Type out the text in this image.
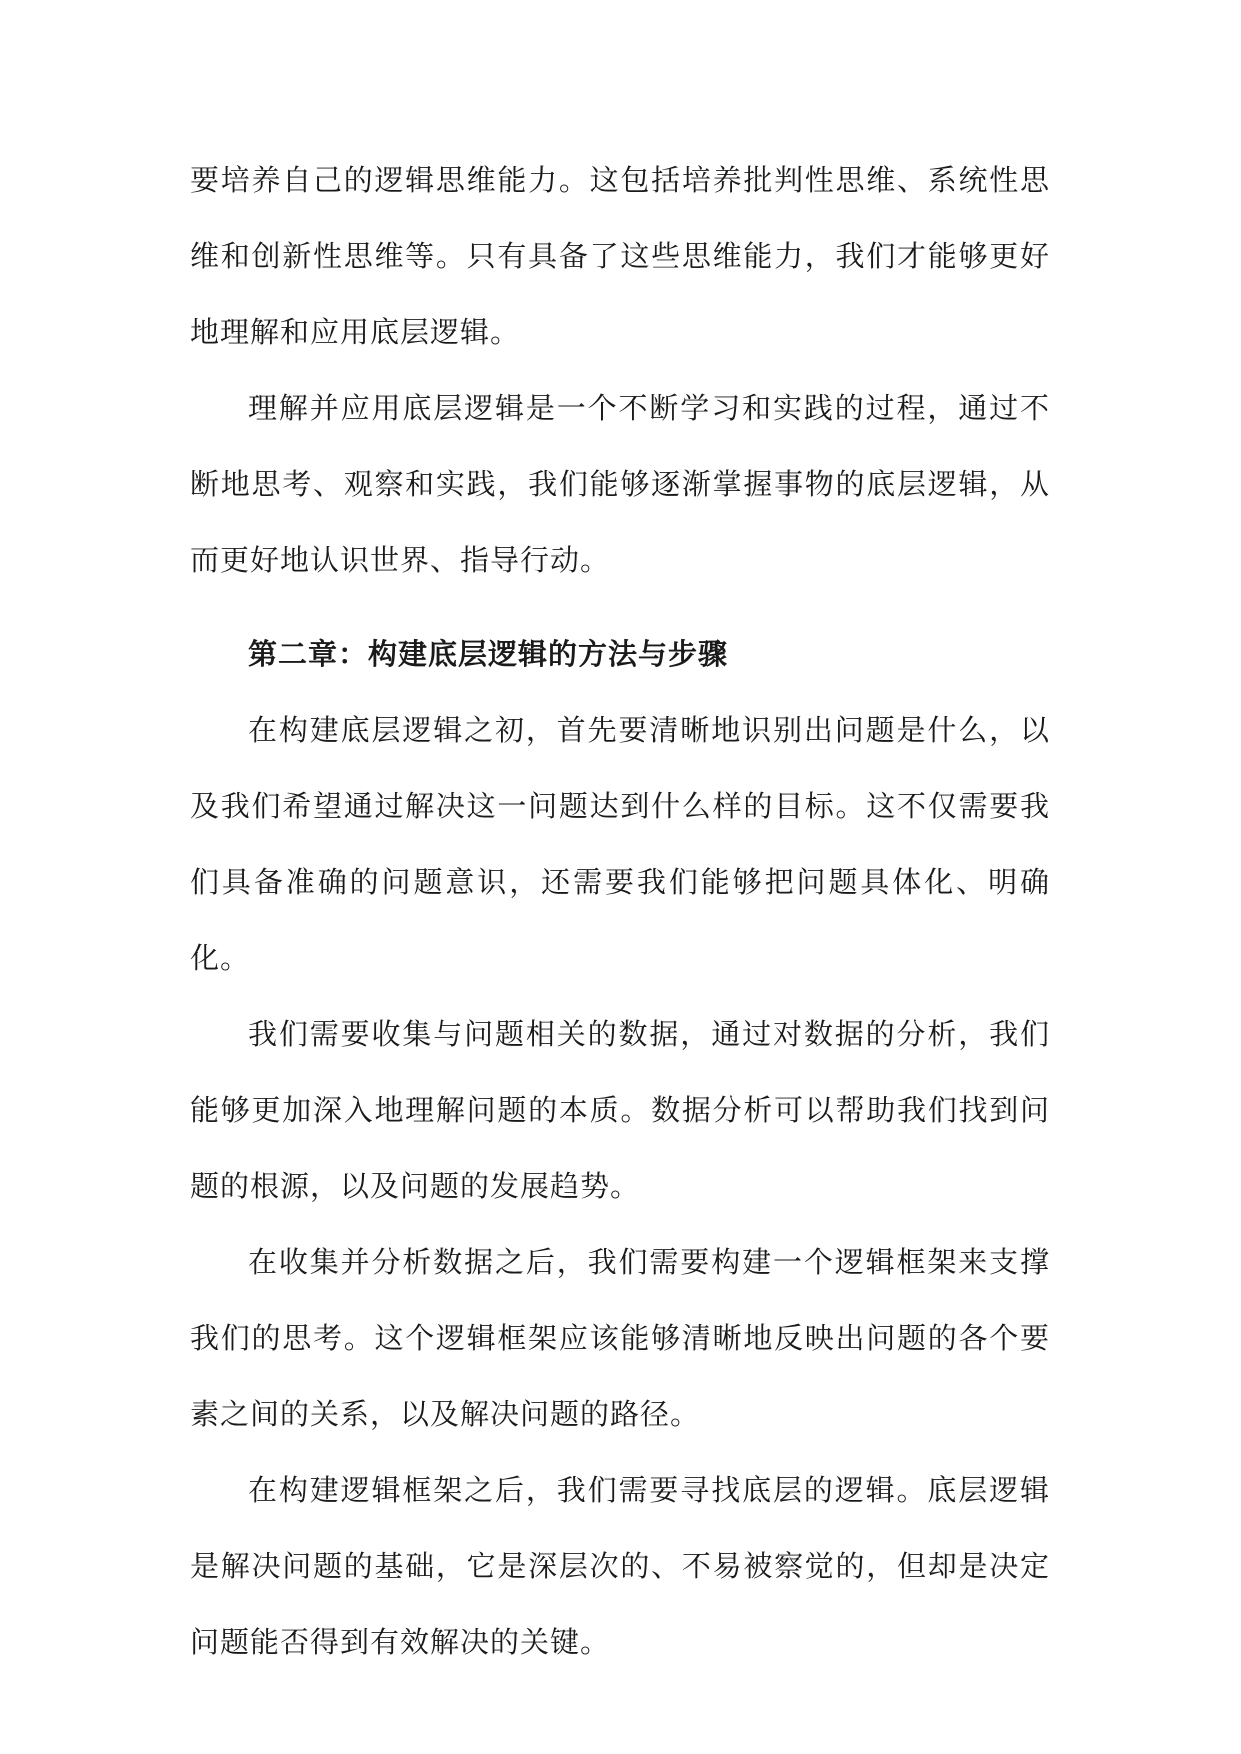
要培养自己的逻辑思维能力。这包括培养批判性思维、系统性思维和创新性思维等。只有具备了这些思维能力，我们才能够更好地理解和应用底层逻辑。

理解并应用底层逻辑是一个不断学习和实践的过程，通过不断地思考、观察和实践，我们能够逐渐掌握事物的底层逻辑，从而更好地认识世界、指导行动。

第二章：构建底层逻辑的方法与步骤

在构建底层逻辑之初，首先要清晰地识别出问题是什么，以及我们希望通过解决这一问题达到什么样的目标。这不仅需要我们具备准确的问题意识，还需要我们能够把问题具体化、明确化。

我们需要收集与问题相关的数据，通过对数据的分析，我们能够更加深入地理解问题的本质。数据分析可以帮助我们找到问题的根源，以及问题的发展趋势。

在收集并分析数据之后，我们需要构建一个逻辑框架来支撑我们的思考。这个逻辑框架应该能够清晰地反映出问题的各个要素之间的关系，以及解决问题的路径。

在构建逻辑框架之后，我们需要寻找底层的逻辑。底层逻辑是解决问题的基础，它是深层次的、不易被察觉的，但却是决定问题能否得到有效解决的关键。
